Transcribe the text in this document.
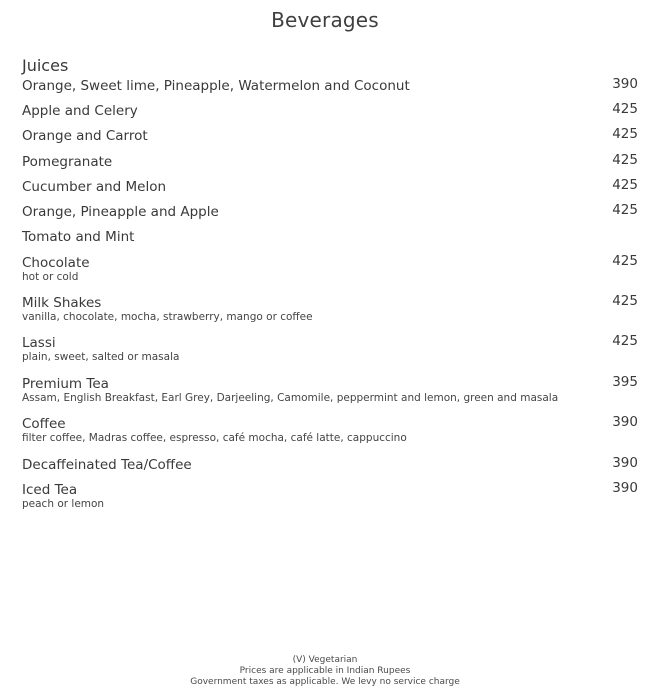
Beverages
Juices
Orange, Sweet lime, Pineapple, Watermelon and Coconut	390
Apple and Celery	425
Orange and Carrot	425
Pomegranate	425
Cucumber and Melon	425
Orange, Pineapple and Apple	425
Tomato and Mint
Chocolate	425
hot or cold
Milk Shakes	425
vanilla, chocolate, mocha, strawberry, mango or coffee
Lassi	425
plain, sweet, salted or masala
Premium Tea	395
Assam, English Breakfast, Earl Grey, Darjeeling, Camomile, peppermint and lemon, green and masala
Coffee	390
filter coffee, Madras coffee, espresso, café mocha, café latte, cappuccino
Decaffeinated Tea/Coffee	390
Iced Tea	390
peach or lemon
(V) Vegetarian
Prices are applicable in Indian Rupees
Government taxes as applicable. We levy no service charge
